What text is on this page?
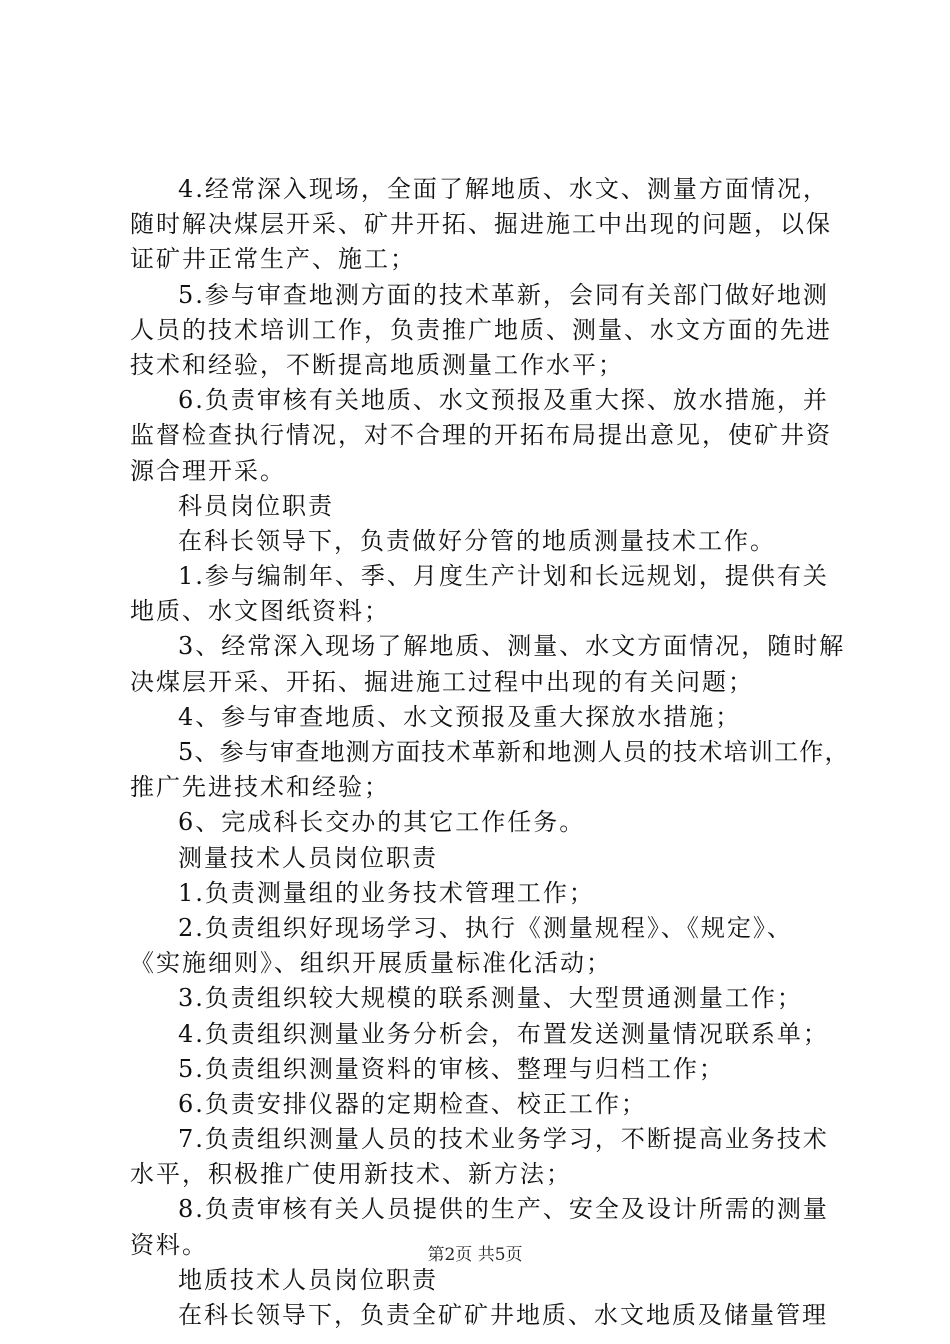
4.经常深入现场，全面了解地质、水文、测量方面情况，
随时解决煤层开采、矿井开拓、掘进施工中出现的问题，以保
证矿井正常生产、施工；
5.参与审查地测方面的技术革新，会同有关部门做好地测
人员的技术培训工作，负责推广地质、测量、水文方面的先进
技术和经验，不断提高地质测量工作水平；
6.负责审核有关地质、水文预报及重大探、放水措施，并
监督检查执行情况，对不合理的开拓布局提出意见，使矿井资
源合理开采。
科员岗位职责
在科长领导下，负责做好分管的地质测量技术工作。
1.参与编制年、季、月度生产计划和长远规划，提供有关
地质、水文图纸资料；
3、经常深入现场了解地质、测量、水文方面情况，随时解
决煤层开采、开拓、掘进施工过程中出现的有关问题；
4、参与审查地质、水文预报及重大探放水措施；
5、参与审查地测方面技术革新和地测人员的技术培训工作，
推广先进技术和经验；
6、完成科长交办的其它工作任务。
测量技术人员岗位职责
1.负责测量组的业务技术管理工作；
2.负责组织好现场学习、执行《测量规程》、《规定》、
《实施细则》、组织开展质量标准化活动；
3.负责组织较大规模的联系测量、大型贯通测量工作；
4.负责组织测量业务分析会，布置发送测量情况联系单；
5.负责组织测量资料的审核、整理与归档工作；
6.负责安排仪器的定期检查、校正工作；
7.负责组织测量人员的技术业务学习，不断提高业务技术
水平，积极推广使用新技术、新方法；
8.负责审核有关人员提供的生产、安全及设计所需的测量
资料。
地质技术人员岗位职责
在科长领导下，负责全矿矿井地质、水文地质及储量管理
第2页 共5页
